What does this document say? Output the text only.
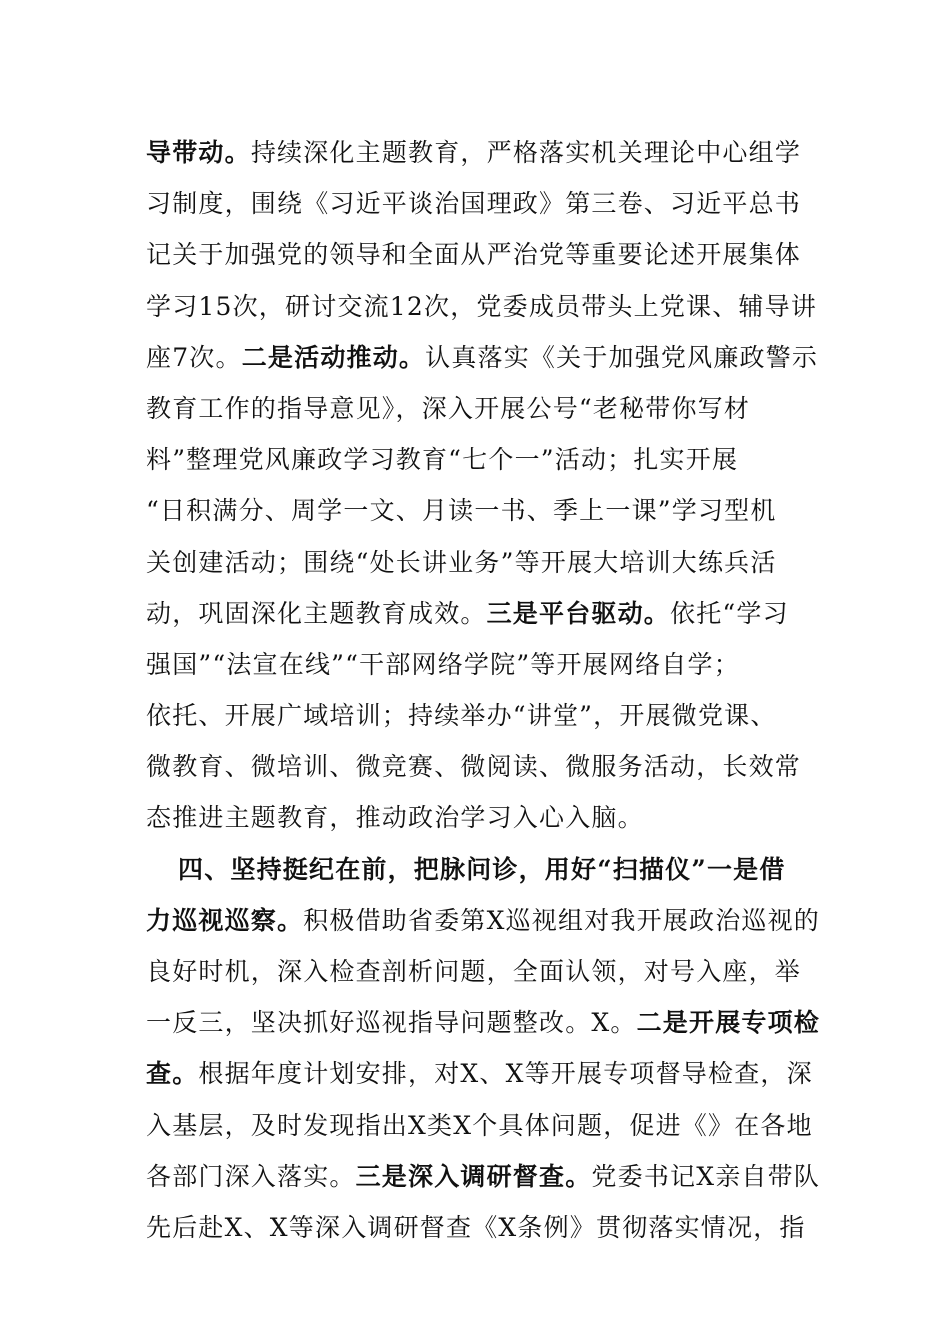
导带动。持续深化主题教育，严格落实机关理论中心组学
习制度，围绕《习近平谈治国理政》第三卷、习近平总书
记关于加强党的领导和全面从严治党等重要论述开展集体
学习15次，研讨交流12次，党委成员带头上党课、辅导讲
座7次。二是活动推动。认真落实《关于加强党风廉政警示
教育工作的指导意见》，深入开展公号“老秘带你写材
料”整理党风廉政学习教育“七个一”活动；扎实开展
“日积满分、周学一文、月读一书、季上一课”学习型机
关创建活动；围绕“处长讲业务”等开展大培训大练兵活
动，巩固深化主题教育成效。三是平台驱动。依托“学习
强国”“法宣在线”“干部网络学院”等开展网络自学；
依托、开展广域培训；持续举办“讲堂”，开展微党课、
微教育、微培训、微竞赛、微阅读、微服务活动，长效常
态推进主题教育，推动政治学习入心入脑。
四、坚持挺纪在前，把脉问诊，用好“扫描仪”一是借
力巡视巡察。积极借助省委第X巡视组对我开展政治巡视的
良好时机，深入检查剖析问题，全面认领，对号入座，举
一反三，坚决抓好巡视指导问题整改。X。二是开展专项检
查。根据年度计划安排，对X、X等开展专项督导检查，深
入基层，及时发现指出X类X个具体问题，促进《》在各地
各部门深入落实。三是深入调研督查。党委书记X亲自带队
先后赴X、X等深入调研督查《X条例》贯彻落实情况，指
